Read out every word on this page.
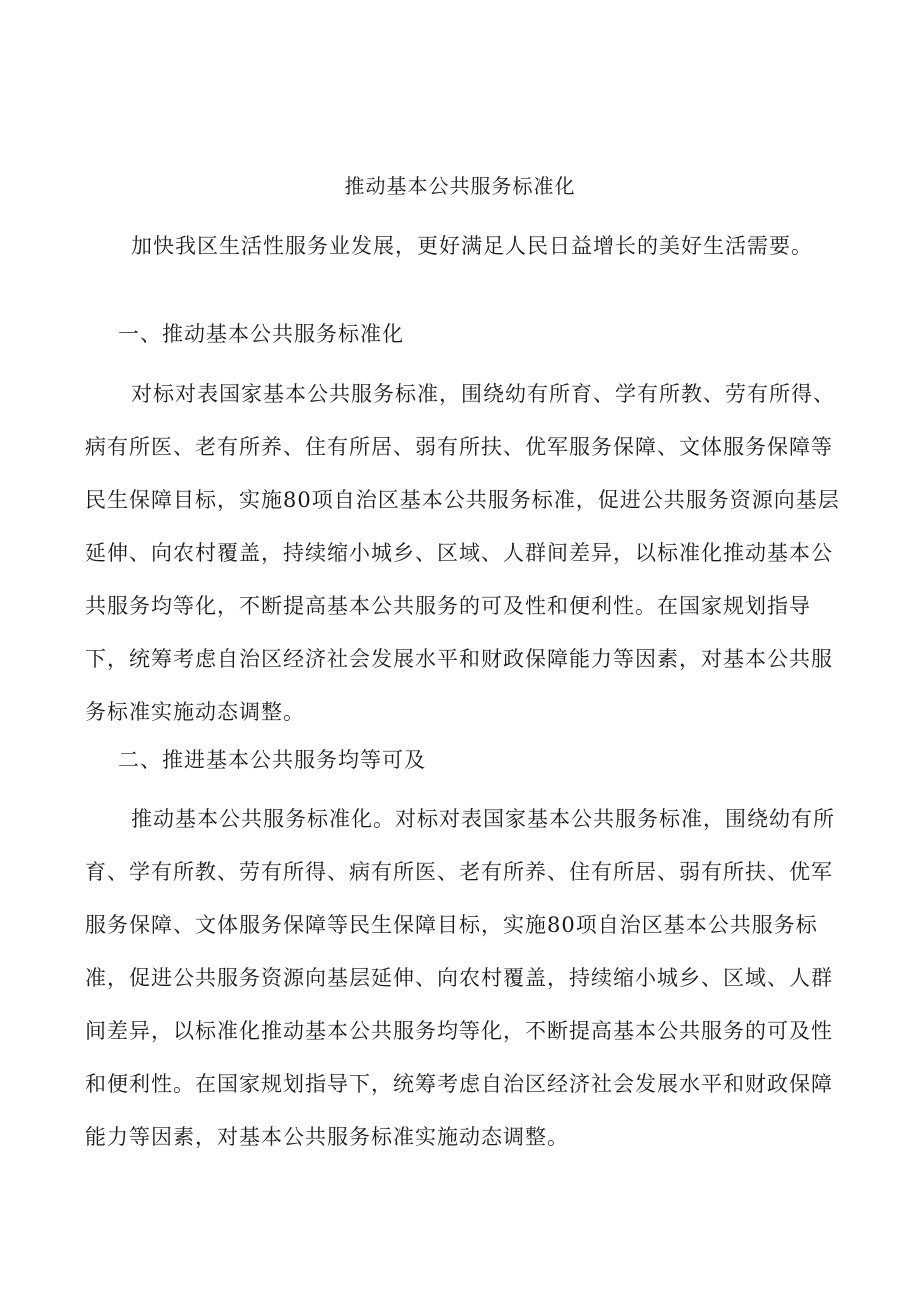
推动基本公共服务标准化

加快我区生活性服务业发展，更好满足人民日益增长的美好生活需要。

一、推动基本公共服务标准化

对标对表国家基本公共服务标准，围绕幼有所育、学有所教、劳有所得、病有所医、老有所养、住有所居、弱有所扶、优军服务保障、文体服务保障等民生保障目标，实施80项自治区基本公共服务标准，促进公共服务资源向基层延伸、向农村覆盖，持续缩小城乡、区域、人群间差异，以标准化推动基本公共服务均等化，不断提高基本公共服务的可及性和便利性。在国家规划指导下，统筹考虑自治区经济社会发展水平和财政保障能力等因素，对基本公共服务标准实施动态调整。

二、推进基本公共服务均等可及

推动基本公共服务标准化。对标对表国家基本公共服务标准，围绕幼有所育、学有所教、劳有所得、病有所医、老有所养、住有所居、弱有所扶、优军服务保障、文体服务保障等民生保障目标，实施80项自治区基本公共服务标准，促进公共服务资源向基层延伸、向农村覆盖，持续缩小城乡、区域、人群间差异，以标准化推动基本公共服务均等化，不断提高基本公共服务的可及性和便利性。在国家规划指导下，统筹考虑自治区经济社会发展水平和财政保障能力等因素，对基本公共服务标准实施动态调整。
